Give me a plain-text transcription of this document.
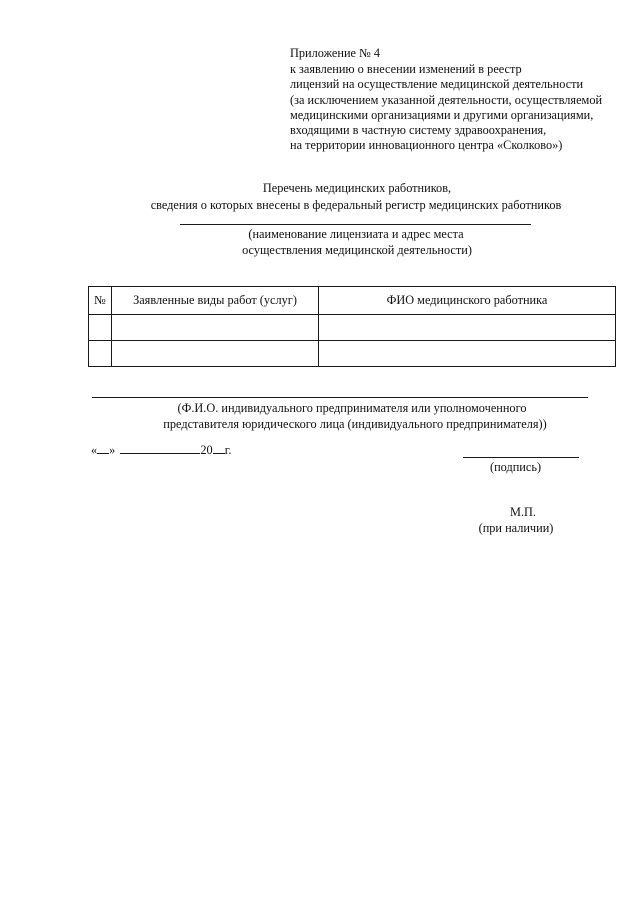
Приложение № 4
к заявлению о внесении изменений в реестр
лицензий на осуществление медицинской деятельности
(за исключением указанной деятельности, осуществляемой
медицинскими организациями и другими организациями,
входящими в частную систему здравоохранения,
на территории инновационного центра «Сколково»)
Перечень медицинских работников,
сведения о которых внесены в федеральный регистр медицинских работников
(наименование лицензиата и адрес места
осуществления медицинской деятельности)
№	Заявленные виды работ (услуг)	ФИО медицинского работника

(Ф.И.О. индивидуального предпринимателя или уполномоченного
представителя юридического лица (индивидуального предпринимателя))
« »	20 г.
(подпись)
М.П.
(при наличии)
